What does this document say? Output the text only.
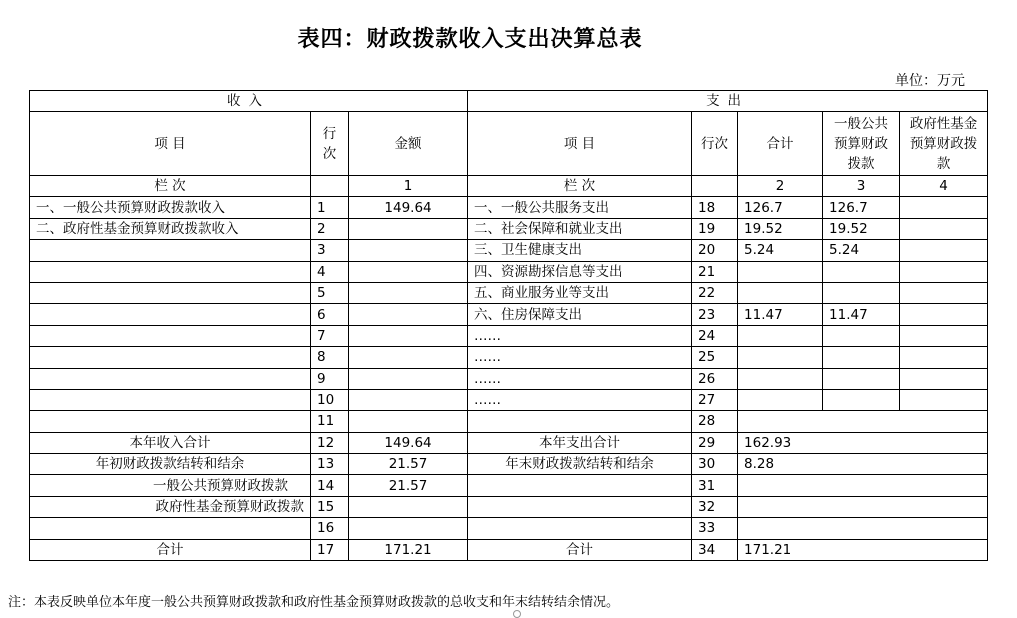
表四：财政拨款收入支出决算总表
单位：万元
收入			支出				
项 目	行次	金额	项 目	行次	合计	一般公共预算财政拨款	政府性基金预算财政拨款
栏 次		1	栏 次		2	3	4
一、一般公共预算财政拨款收入	1	149.64	一、一般公共服务支出	18	126.7	126.7	
二、政府性基金预算财政拨款收入	2		二、社会保障和就业支出	19	19.52	19.52	
	3		三、卫生健康支出	20	5.24	5.24	
	4		四、资源勘探信息等支出	21			
	5		五、商业服务业等支出	22			
	6		六、住房保障支出	23	11.47	11.47	
	7		……	24			
	8		……	25			
	9		……	26			
	10		……	27			
	11			28			
本年收入合计	12	149.64	本年支出合计	29	162.93		
年初财政拨款结转和结余	13	21.57	年末财政拨款结转和结余	30	8.28		
一般公共预算财政拨款	14	21.57		31			
政府性基金预算财政拨款	15			32			
	16			33			
合计	17	171.21	合计	34	171.21		
注：本表反映单位本年度一般公共预算财政拨款和政府性基金预算财政拨款的总收支和年末结转结余情况。
